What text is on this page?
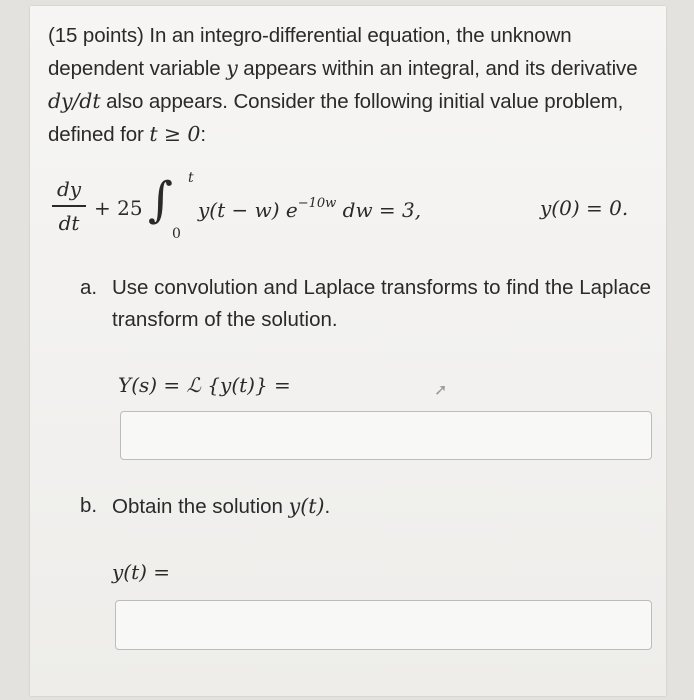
(15 points) In an integro-differential equation, the unknown dependent variable y appears within an integral, and its derivative dy/dt also appears. Consider the following initial value problem, defined for t ≥ 0:

dy
dt
+ 25 ∫ t
0
y(t − w) $e^{-10w}$ dw = 3,	y(0) = 0.
a. Use convolution and Laplace transforms to find the Laplace transform of the solution.
Y(s) = ℒ {y(t)} =	➚
b. Obtain the solution y(t).
y(t) =
